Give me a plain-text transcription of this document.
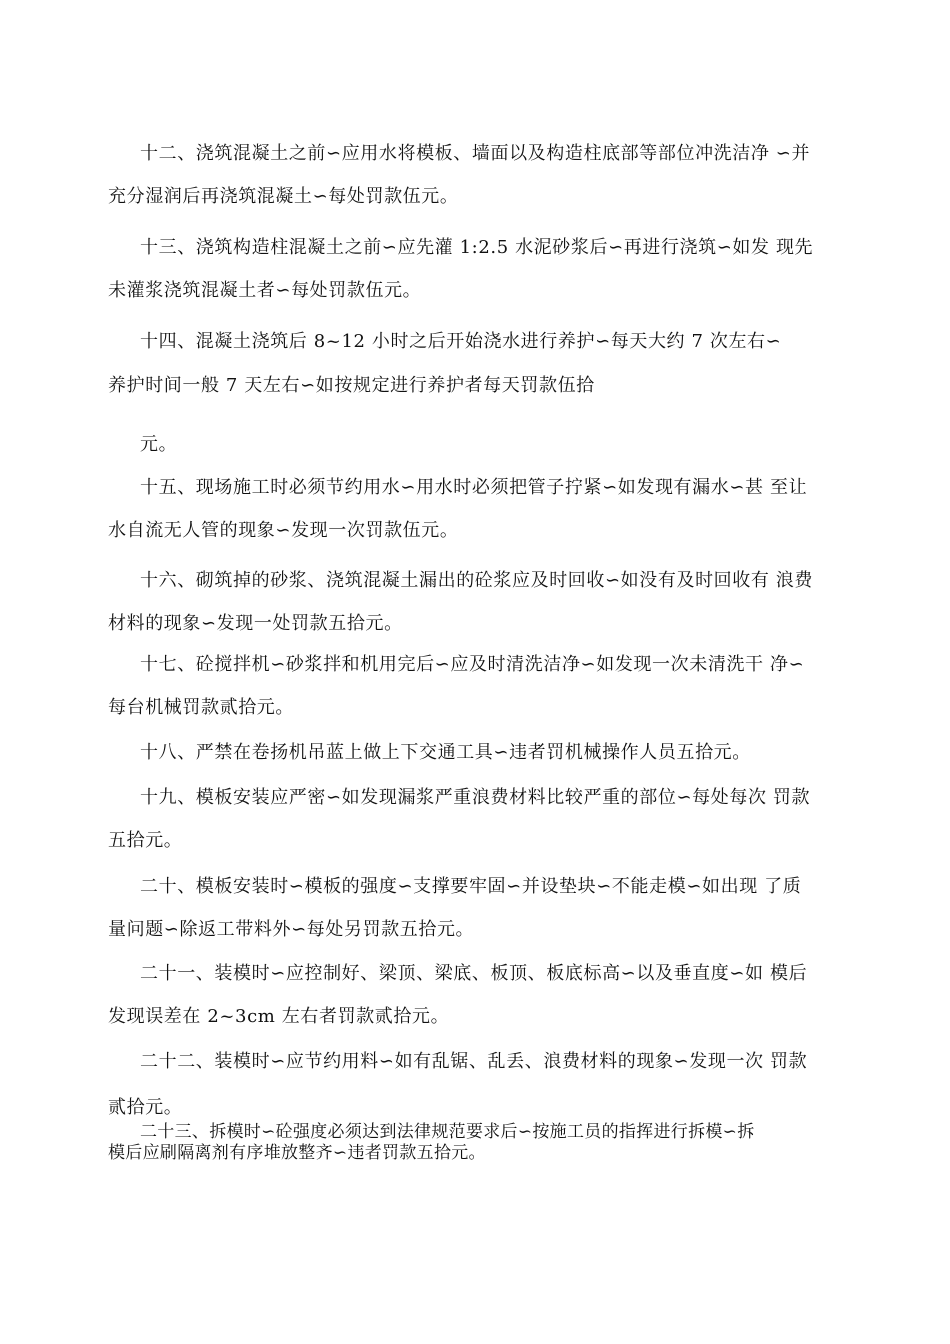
十二、浇筑混凝土之前∽应用水将模板、墙面以及构造柱底部等部位冲洗洁净 ∽并
充分湿润后再浇筑混凝土∽每处罚款伍元。
十三、浇筑构造柱混凝土之前∽应先灌 1:2.5 水泥砂浆后∽再进行浇筑∽如发 现先
未灌浆浇筑混凝土者∽每处罚款伍元。
十四、混凝土浇筑后 8~12 小时之后开始浇水进行养护∽每天大约 7 次左右∽
养护时间一般 7 天左右∽如按规定进行养护者每天罚款伍拾
元。
十五、现场施工时必须节约用水∽用水时必须把管子拧紧∽如发现有漏水∽甚 至让
水自流无人管的现象∽发现一次罚款伍元。
十六、砌筑掉的砂浆、浇筑混凝土漏出的砼浆应及时回收∽如没有及时回收有 浪费
材料的现象∽发现一处罚款五拾元。
十七、砼搅拌机∽砂浆拌和机用完后∽应及时清洗洁净∽如发现一次未清洗干 净∽
每台机械罚款贰拾元。
十八、严禁在卷扬机吊蓝上做上下交通工具∽违者罚机械操作人员五拾元。
十九、模板安装应严密∽如发现漏浆严重浪费材料比较严重的部位∽每处每次 罚款
五拾元。
二十、模板安装时∽模板的强度∽支撑要牢固∽并设垫块∽不能走模∽如出现 了质
量问题∽除返工带料外∽每处另罚款五拾元。
二十一、装模时∽应控制好、梁顶、梁底、板顶、板底标高∽以及垂直度∽如 模后
发现误差在 2~3cm 左右者罚款贰拾元。
二十二、装模时∽应节约用料∽如有乱锯、乱丢、浪费材料的现象∽发现一次 罚款
贰拾元。
二十三、拆模时∽砼强度必须达到法律规范要求后∽按施工员的指挥进行拆模∽拆
模后应刷隔离剂有序堆放整齐∽违者罚款五拾元。
